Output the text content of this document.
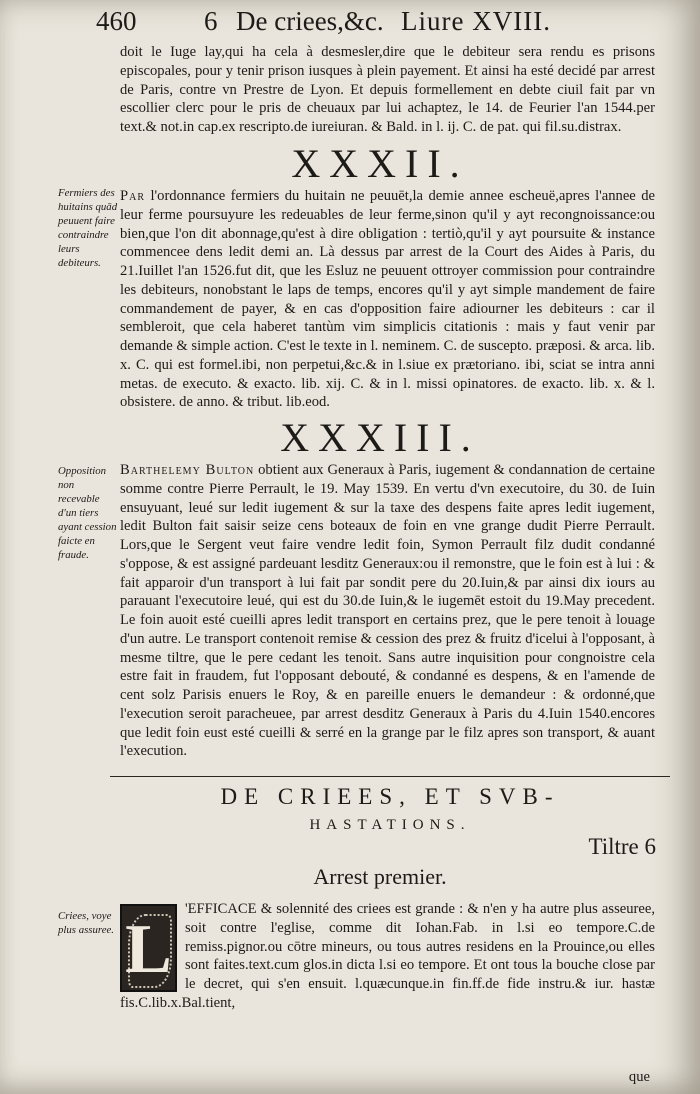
460	6 De criees,&c. Liure XVIII.

doit le Iuge lay,qui ha cela à desmesler,dire que le debiteur sera rendu es prisons episcopales, pour y tenir prison iusques à plein payement. Et ainsi ha esté decidé par arrest de Paris, contre vn Prestre de Lyon. Et depuis formellement en debte ciuil fait par vn escollier clerc pour le pris de cheuaux par lui achaptez, le 14. de Feurier l'an 1544.per text.& not.in cap.ex rescripto.de iureiuran. & Bald. in l. ij. C. de pat. qui fil.su.distrax.

XXXII.
Fermiers des huitains quād peuuent faire contraindre leurs debiteurs.

Par l'ordonnance fermiers du huitain ne peuuēt,la demie annee escheuë,apres l'annee de leur ferme poursuyure les redeuables de leur ferme,sinon qu'il y ayt recongnoissance:ou bien,que l'on dit abonnage,qu'est à dire obligation : tertiò,qu'il y ayt poursuite & instance commencee dens ledit demi an. Là dessus par arrest de la Court des Aides à Paris, du 21.Iuillet l'an 1526.fut dit, que les Esluz ne peuuent ottroyer commission pour contraindre les debiteurs, nonobstant le laps de temps, encores qu'il y ayt simple mandement de faire commandement de payer, & en cas d'opposition faire adiourner les debiteurs : car il sembleroit, que cela haberet tantùm vim simplicis citationis : mais y faut venir par demande & simple action. C'est le texte in l. neminem. C. de suscepto. præposi. & arca. lib. x. C. qui est formel.ibi, non perpetui,&c.& in l.siue ex prætoriano. ibi, sciat se intra anni metas. de executo. & exacto. lib. xij. C. & in l. missi opinatores. de exacto. lib. x. & l. obsistere. de anno. & tribut. lib.eod.

XXXIII.
Opposition non recevable d'un tiers ayant cession faicte en fraude.

Barthelemy Bulton obtient aux Generaux à Paris, iugement & condannation de certaine somme contre Pierre Perrault, le 19. May 1539. En vertu d'vn executoire, du 30. de Iuin ensuyuant, leué sur ledit iugement & sur la taxe des despens faite apres ledit iugement, ledit Bulton fait saisir seize cens boteaux de foin en vne grange dudit Pierre Perrault. Lors,que le Sergent veut faire vendre ledit foin, Symon Perrault filz dudit condanné s'oppose, & est assigné pardeuant lesditz Generaux:ou il remonstre, que le foin est à lui : & fait apparoir d'un transport à lui fait par sondit pere du 20.Iuin,& par ainsi dix iours au parauant l'executoire leué, qui est du 30.de Iuin,& le iugemēt estoit du 19.May precedent. Le foin auoit esté cueilli apres ledit transport en certains prez, que le pere tenoit à louage d'un autre. Le transport contenoit remise & cession des prez & fruitz d'icelui à l'opposant, à mesme tiltre, que le pere cedant les tenoit. Sans autre inquisition pour congnoistre cela estre fait in fraudem, fut l'opposant debouté, & condanné es despens, & en l'amende de cent solz Parisis enuers le Roy, & en pareille enuers le demandeur : & ordonné,que l'execution seroit paracheuee, par arrest desditz Generaux à Paris du 4.Iuin 1540.encores que ledit foin eust esté cueilli & serré en la grange par le filz apres son transport, & auant l'execution.

DE CRIEES, ET SVB-
HASTATIONS.
Tiltre 6
Arrest premier.
Criees, voye plus assuree. L

'EFFICACE & solennité des criees est grande : & n'en y ha autre plus asseuree, soit contre l'eglise, comme dit Iohan.Fab. in l.si eo tempore.C.de remiss.pignor.ou cōtre mineurs, ou tous autres residens en la Prouince,ou elles sont faites.text.cum glos.in dicta l.si eo tempore. Et ont tous la bouche close par le decret, qui s'en ensuit. l.quæcunque.in fin.ff.de fide instru.& iur. hastæ fis.C.lib.x.Bal.tient,

que
